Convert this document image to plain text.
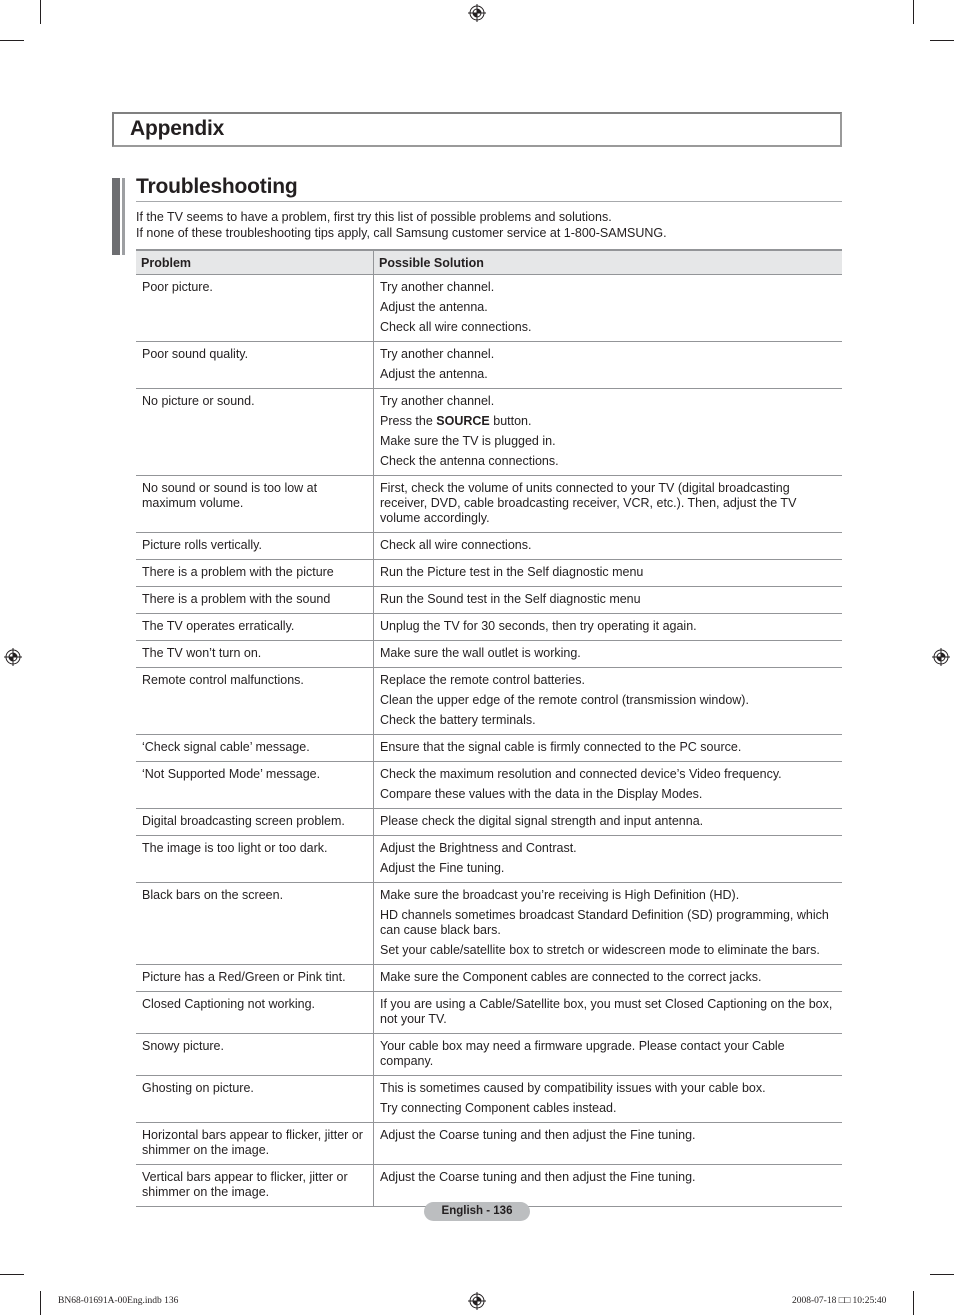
Appendix
Troubleshooting

If the TV seems to have a problem, first try this list of possible problems and solutions.

If none of these troubleshooting tips apply, call Samsung customer service at 1-800-SAMSUNG.

Problem	Possible Solution

Poor picture.	Try another channel.
Adjust the antenna.
Check all wire connections.

Poor sound quality.	Try another channel.
Adjust the antenna.

No picture or sound.	Try another channel.
Press the SOURCE button.
Make sure the TV is plugged in.
Check the antenna connections.

No sound or sound is too low at maximum volume.	First, check the volume of units connected to your TV (digital broadcasting receiver, DVD, cable broadcasting receiver, VCR, etc.). Then, adjust the TV volume accordingly.

Picture rolls vertically.	Check all wire connections.

There is a problem with the picture	Run the Picture test in the Self diagnostic menu

There is a problem with the sound	Run the Sound test in the Self diagnostic menu

The TV operates erratically.	Unplug the TV for 30 seconds, then try operating it again.

The TV won’t turn on.	Make sure the wall outlet is working.

Remote control malfunctions.	Replace the remote control batteries.
Clean the upper edge of the remote control (transmission window).
Check the battery terminals.

‘Check signal cable’ message.	Ensure that the signal cable is firmly connected to the PC source.

‘Not Supported Mode’ message.	Check the maximum resolution and connected device’s Video frequency.
Compare these values with the data in the Display Modes.

Digital broadcasting screen problem.	Please check the digital signal strength and input antenna.

The image is too light or too dark.	Adjust the Brightness and Contrast.
Adjust the Fine tuning.

Black bars on the screen.	Make sure the broadcast you’re receiving is High Definition (HD).
HD channels sometimes broadcast Standard Definition (SD) programming, which can cause black bars.
Set your cable/satellite box to stretch or widescreen mode to eliminate the bars.

Picture has a Red/Green or Pink tint.	Make sure the Component cables are connected to the correct jacks.

Closed Captioning not working.	If you are using a Cable/Satellite box, you must set Closed Captioning on the box, not your TV.

Snowy picture.	Your cable box may need a firmware upgrade. Please contact your Cable company.

Ghosting on picture.	This is sometimes caused by compatibility issues with your cable box.
Try connecting Component cables instead.

Horizontal bars appear to flicker, jitter or shimmer on the image.	Adjust the Coarse tuning and then adjust the Fine tuning.

Vertical bars appear to flicker, jitter or shimmer on the image.	Adjust the Coarse tuning and then adjust the Fine tuning.
English - 136
BN68-01691A-00Eng.indb 136	2008-07-18 □□ 10:25:40
